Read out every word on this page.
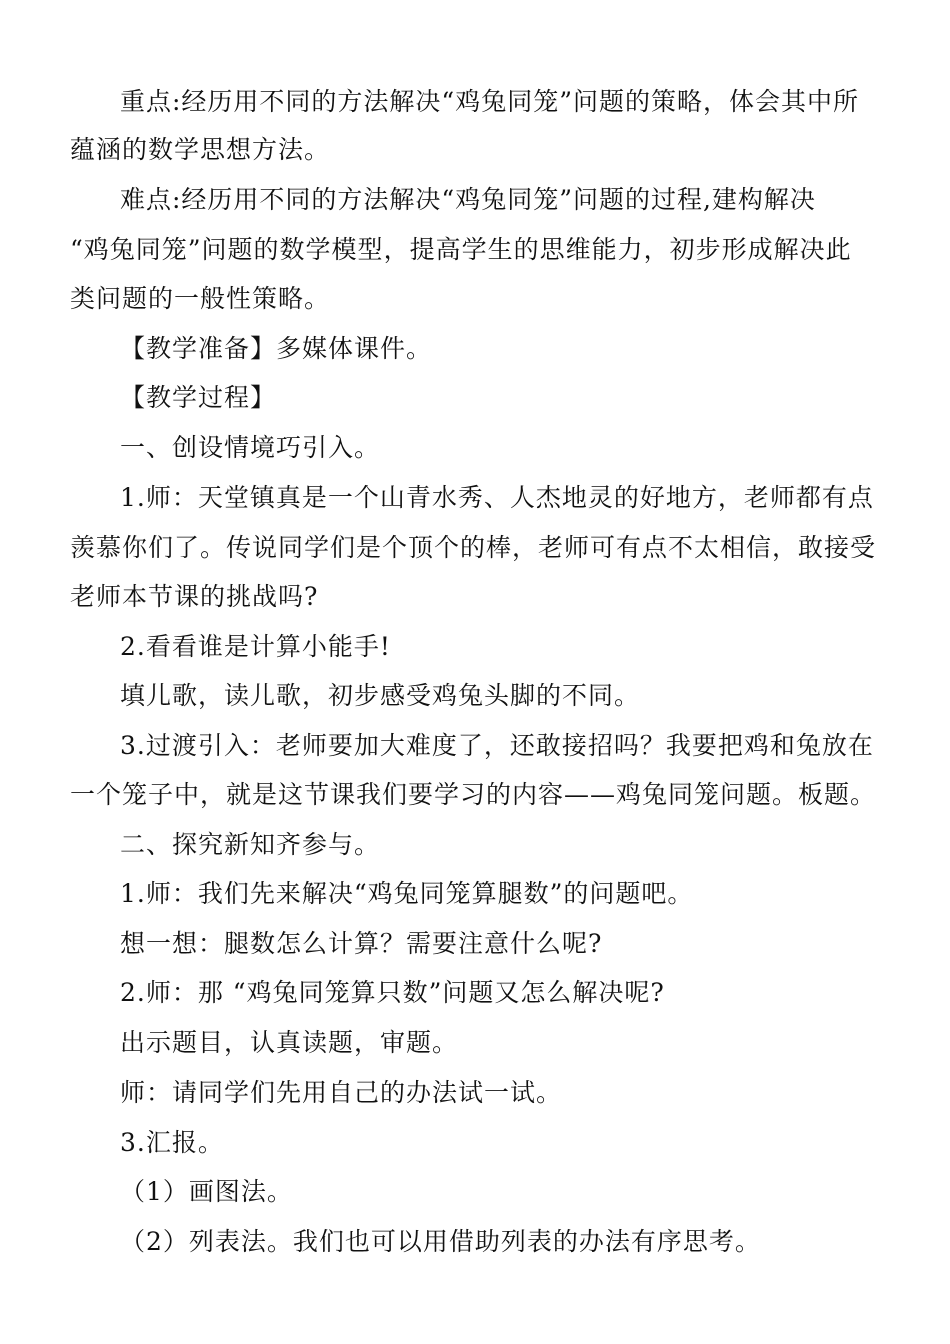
重点:经历用不同的方法解决“鸡兔同笼”问题的策略，体会其中所
蕴涵的数学思想方法。
难点:经历用不同的方法解决“鸡兔同笼”问题的过程,建构解决
“鸡兔同笼”问题的数学模型，提高学生的思维能力，初步形成解决此
类问题的一般性策略。
【教学准备】多媒体课件。
【教学过程】
一、创设情境巧引入。
1.师：天堂镇真是一个山青水秀、人杰地灵的好地方，老师都有点
羡慕你们了。传说同学们是个顶个的棒，老师可有点不太相信，敢接受
老师本节课的挑战吗?
2.看看谁是计算小能手!
填儿歌，读儿歌，初步感受鸡兔头脚的不同。
3.过渡引入：老师要加大难度了，还敢接招吗？我要把鸡和兔放在
一个笼子中，就是这节课我们要学习的内容——鸡兔同笼问题。板题。
二、探究新知齐参与。
1.师：我们先来解决“鸡兔同笼算腿数”的问题吧。
想一想：腿数怎么计算？需要注意什么呢?
2.师：那 “鸡兔同笼算只数”问题又怎么解决呢?
出示题目，认真读题，审题。
师：请同学们先用自己的办法试一试。
3.汇报。
（1）画图法。
（2）列表法。我们也可以用借助列表的办法有序思考。
